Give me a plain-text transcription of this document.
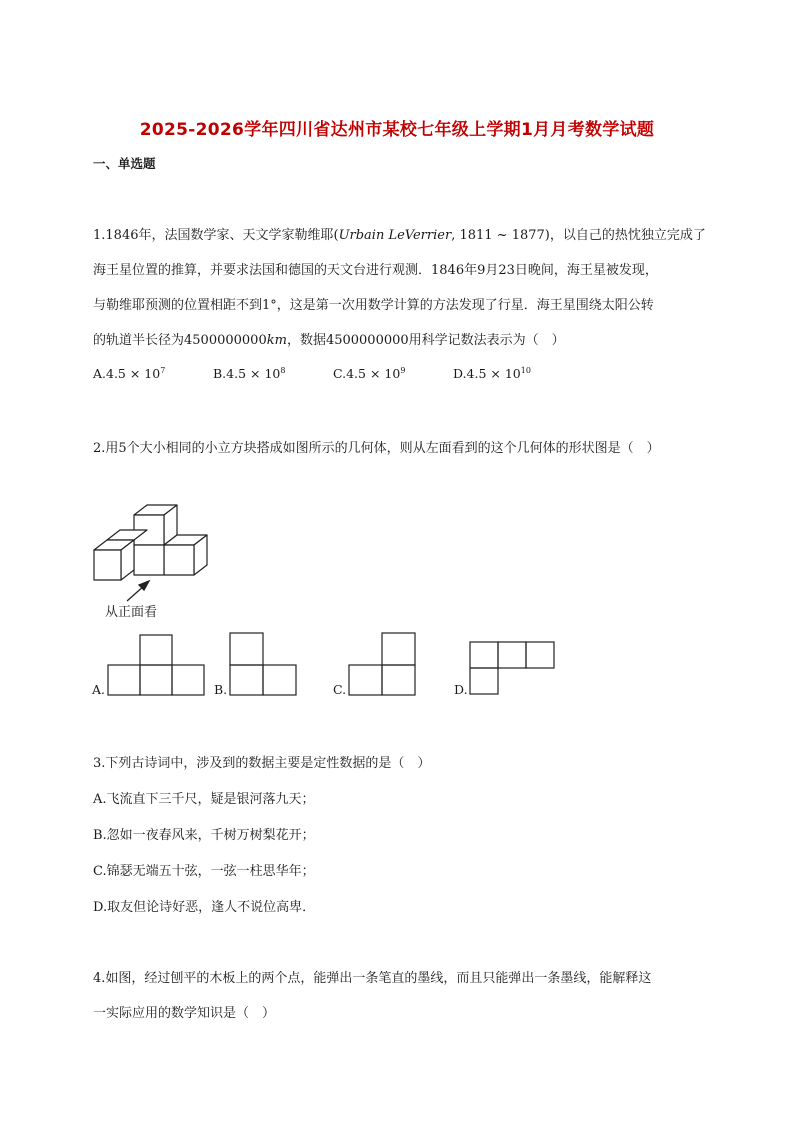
2025-2026学年四川省达州市某校七年级上学期1月月考数学试题
一、单选题
1.1846年，法国数学家、天文学家勒维耶(Urbain LeVerrier, 1811 ~ 1877)，以自己的热忱独立完成了
海王星位置的推算，并要求法国和德国的天文台进行观测．1846年9月23日晚间，海王星被发现，
与勒维耶预测的位置相距不到1°，这是第一次用数学计算的方法发现了行星．海王星围绕太阳公转
的轨道半长径为4500000000km，数据4500000000用科学记数法表示为（　）
$A.4.5 \times 10^7$	$B.4.5 \times 10^8$	$C.4.5 \times 10^9$	$D.4.5 \times 10^{10}$
2.用5个大小相同的小立方块搭成如图所示的几何体，则从左面看到的这个几何体的形状图是（　）
从正面看
A.	B.	C.	D.
3.下列古诗词中，涉及到的数据主要是定性数据的是（　）
A.飞流直下三千尺，疑是银河落九天；
B.忽如一夜春风来，千树万树梨花开；
C.锦瑟无端五十弦，一弦一柱思华年；
D.取友但论诗好恶，逢人不说位高卑．
4.如图，经过刨平的木板上的两个点，能弹出一条笔直的墨线，而且只能弹出一条墨线，能解释这
一实际应用的数学知识是（　）
